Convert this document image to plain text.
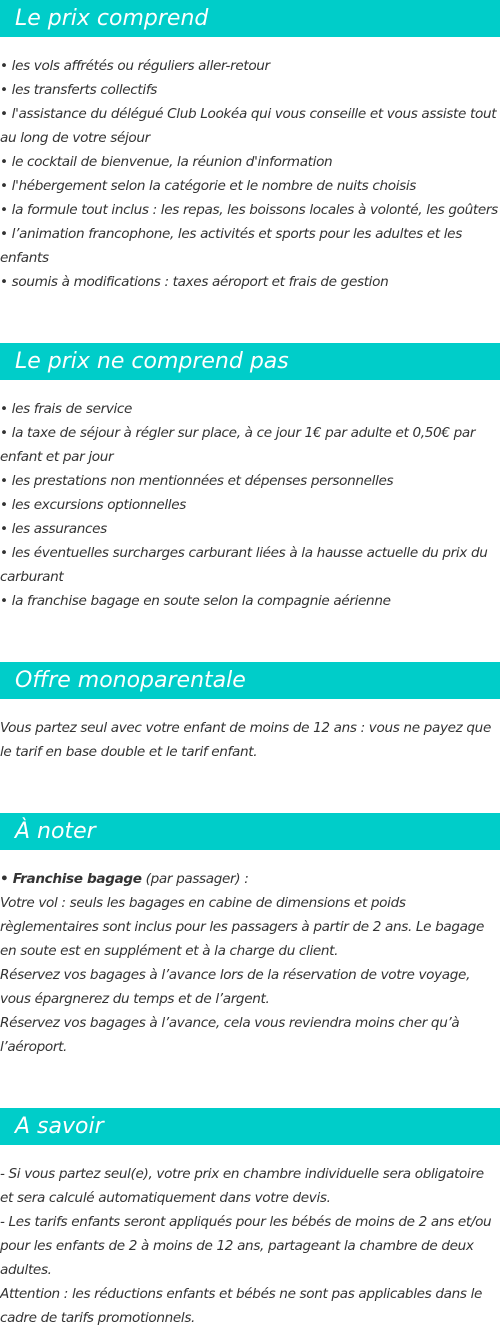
Le prix comprend

• les vols affrétés ou réguliers aller-retour

• les transferts collectifs

• l'assistance du délégué Club Lookéa qui vous conseille et vous assiste tout au long de votre séjour

• le cocktail de bienvenue, la réunion d'information

• l'hébergement selon la catégorie et le nombre de nuits choisis

• la formule tout inclus : les repas, les boissons locales à volonté, les goûters

• l’animation francophone, les activités et sports pour les adultes et les enfants

• soumis à modifications : taxes aéroport et frais de gestion

Le prix ne comprend pas

• les frais de service

• la taxe de séjour à régler sur place, à ce jour 1€ par adulte et 0,50€ par enfant et par jour

• les prestations non mentionnées et dépenses personnelles

• les excursions optionnelles

• les assurances

• les éventuelles surcharges carburant liées à la hausse actuelle du prix du carburant

• la franchise bagage en soute selon la compagnie aérienne

Offre monoparentale

Vous partez seul avec votre enfant de moins de 12 ans : vous ne payez que le tarif en base double et le tarif enfant.

À noter

• Franchise bagage (par passager) :

Votre vol : seuls les bagages en cabine de dimensions et poids règlementaires sont inclus pour les passagers à partir de 2 ans. Le bagage en soute est en supplément et à la charge du client.

Réservez vos bagages à l’avance lors de la réservation de votre voyage, vous épargnerez du temps et de l’argent.

Réservez vos bagages à l’avance, cela vous reviendra moins cher qu’à l’aéroport.

A savoir

- Si vous partez seul(e), votre prix en chambre individuelle sera obligatoire et sera calculé automatiquement dans votre devis.

- Les tarifs enfants seront appliqués pour les bébés de moins de 2 ans et/ou pour les enfants de 2 à moins de 12 ans, partageant la chambre de deux adultes.

Attention : les réductions enfants et bébés ne sont pas applicables dans le cadre de tarifs promotionnels.
